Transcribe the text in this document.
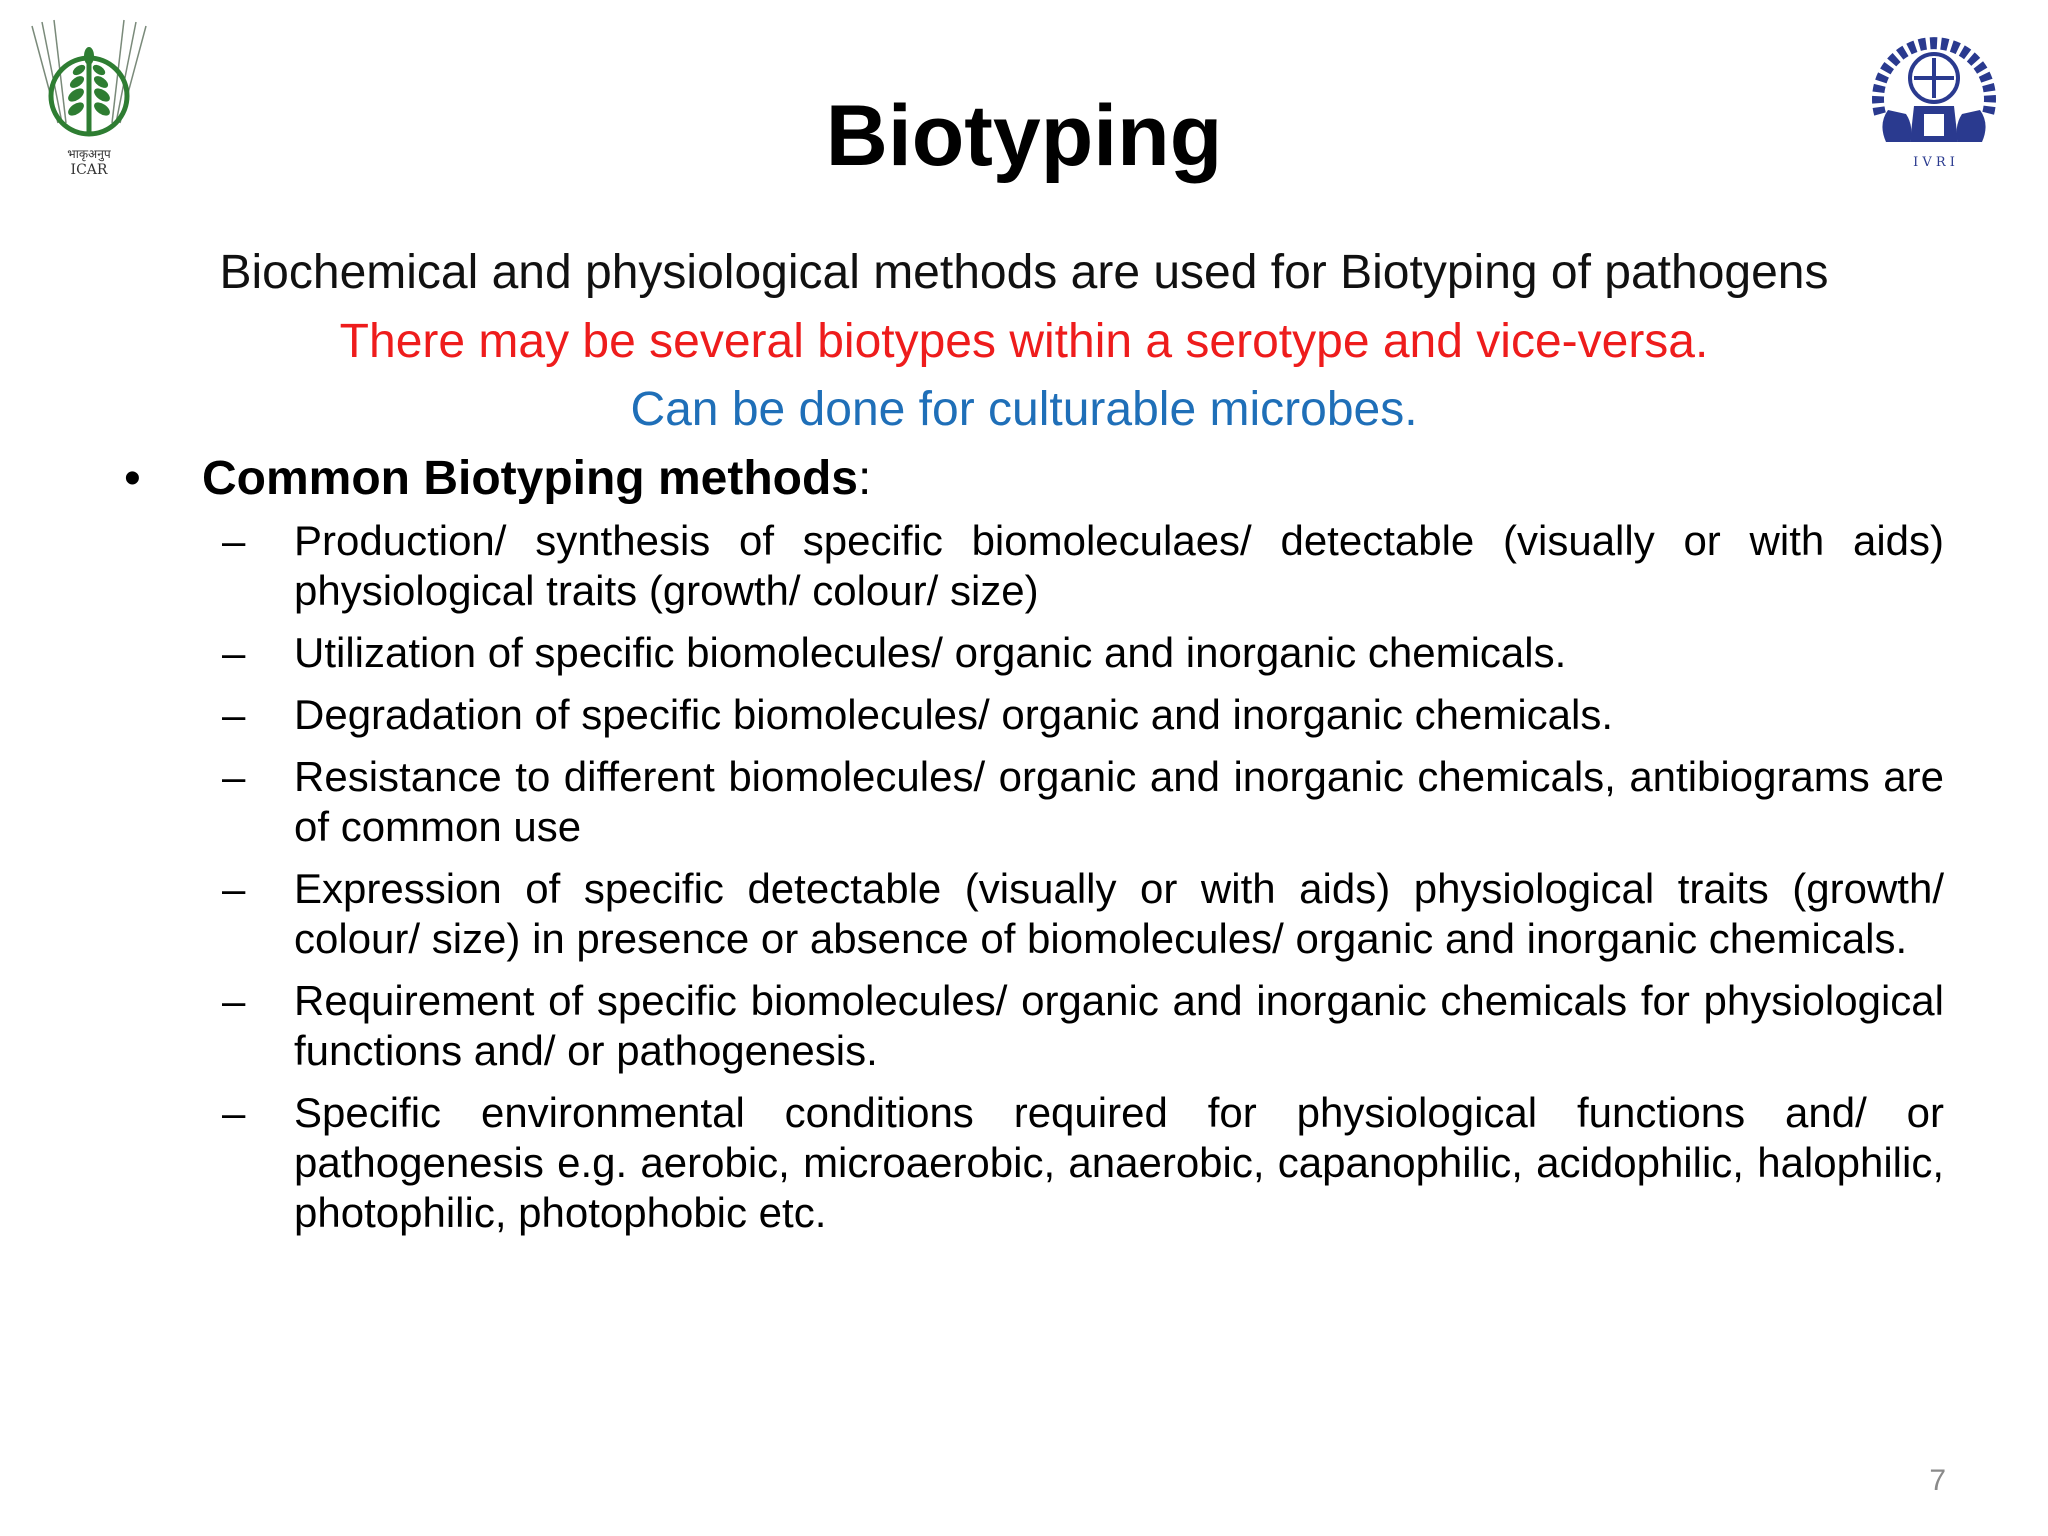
भाकृअनुप
ICAR	I V R I
Biotyping
Biochemical and physiological methods are used for Biotyping of pathogens
There may be several biotypes within a serotype and vice-versa.
Can be done for culturable microbes.
•	Common Biotyping methods:
–	Production/ synthesis of specific biomoleculaes/ detectable (visually or with aids) physiological traits (growth/ colour/ size)
–	Utilization of specific biomolecules/ organic and inorganic chemicals.
–	Degradation of specific biomolecules/ organic and inorganic chemicals.
–	Resistance to different biomolecules/ organic and inorganic chemicals, antibiograms are of common use
–	Expression of specific detectable (visually or with aids) physiological traits (growth/ colour/ size) in presence or absence of biomolecules/ organic and inorganic chemicals.
–	Requirement of specific biomolecules/ organic and inorganic chemicals for physiological functions and/ or pathogenesis.
–	Specific environmental conditions required for physiological functions and/ or pathogenesis e.g. aerobic, microaerobic, anaerobic, capanophilic, acidophilic, halophilic, photophilic, photophobic etc.
7
